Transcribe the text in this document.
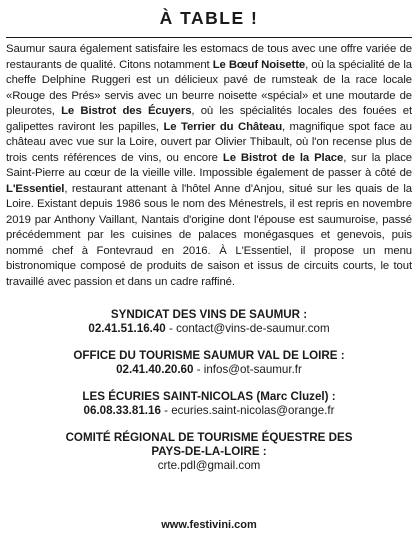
À TABLE !
Saumur saura également satisfaire les estomacs de tous avec une offre variée de restaurants de qualité. Citons notamment Le Bœuf Noisette, où la spécialité de la cheffe Delphine Ruggeri est un délicieux pavé de rumsteak de la race locale «Rouge des Prés» servis avec un beurre noisette «spécial» et une moutarde de pleurotes, Le Bistrot des Écuyers, où les spécialités locales des fouées et galipettes raviront les papilles, Le Terrier du Château, magnifique spot face au château avec vue sur la Loire, ouvert par Olivier Thibault, où l'on recense plus de trois cents références de vins, ou encore Le Bistrot de la Place, sur la place Saint-Pierre au cœur de la vieille ville. Impossible également de passer à côté de L'Essentiel, restaurant attenant à l'hôtel Anne d'Anjou, situé sur les quais de la Loire. Existant depuis 1986 sous le nom des Ménestrels, il est repris en novembre 2019 par Anthony Vaillant, Nantais d'origine dont l'épouse est saumuroise, passé précédemment par les cuisines de palaces monégasques et genevois, puis nommé chef à Fontevraud en 2016. À L'Essentiel, il propose un menu bistronomique composé de produits de saison et issus de circuits courts, le tout travaillé avec passion et dans un cadre raffiné.
SYNDICAT DES VINS DE SAUMUR :
02.41.51.16.40 - contact@vins-de-saumur.com
OFFICE DU TOURISME SAUMUR VAL DE LOIRE :
02.41.40.20.60 - infos@ot-saumur.fr
LES ÉCURIES SAINT-NICOLAS (Marc Cluzel) :
06.08.33.81.16 - ecuries.saint-nicolas@orange.fr
COMITÉ RÉGIONAL DE TOURISME ÉQUESTRE DES PAYS-DE-LA-LOIRE :
crte.pdl@gmail.com
www.festivini.com
